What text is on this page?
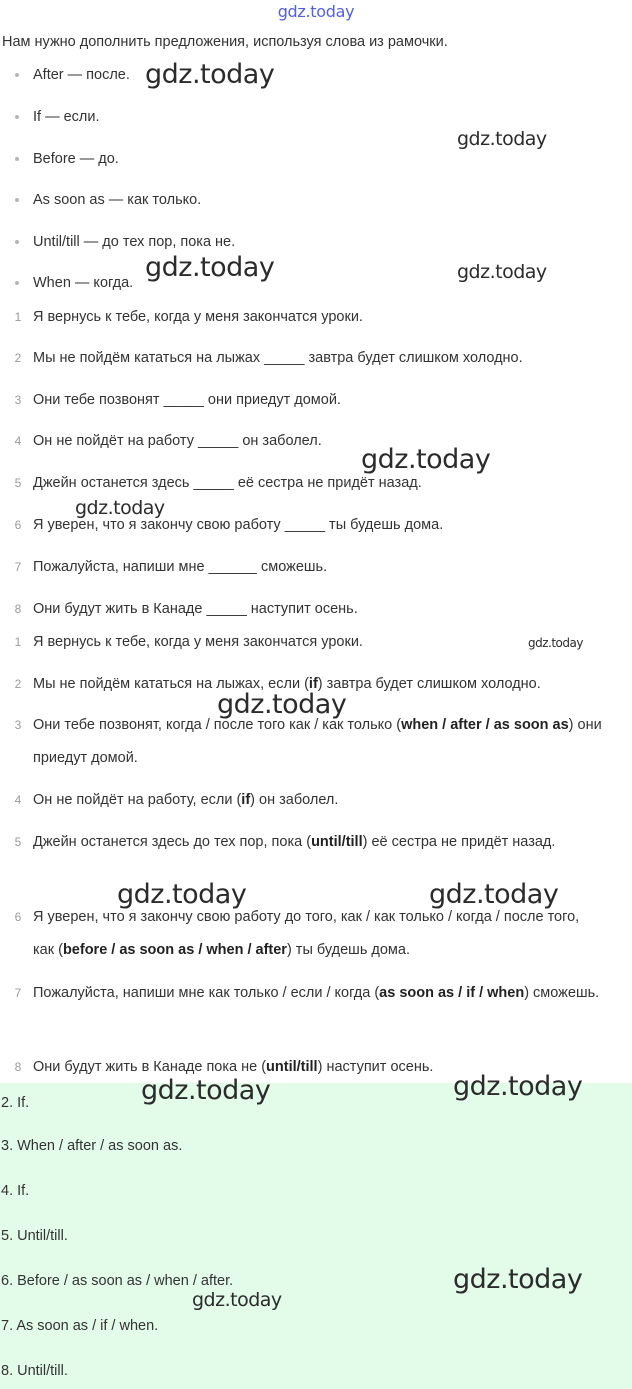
gdz.today
Нам нужно дополнить предложения, используя слова из рамочки.
After — после.
If — если.
Before — до.
As soon as — как только.
Until/till — до тех пор, пока не.
When — когда.
1 Я вернусь к тебе, когда у меня закончатся уроки.
2 Мы не пойдём кататься на лыжах _____ завтра будет слишком холодно.
3 Они тебе позвонят _____ они приедут домой.
4 Он не пойдёт на работу _____ он заболел.
5 Джейн останется здесь _____ её сестра не придёт назад.
6 Я уверен, что я закончу свою работу _____ ты будешь дома.
7 Пожалуйста, напиши мне ______ сможешь.
8 Они будут жить в Канаде _____ наступит осень.
1 Я вернусь к тебе, когда у меня закончатся уроки.
2 Мы не пойдём кататься на лыжах, если (if) завтра будет слишком холодно.
3 Они тебе позвонят, когда / после того как / как только (when / after / as soon as) они приедут домой.
4 Он не пойдёт на работу, если (if) он заболел.
5 Джейн останется здесь до тех пор, пока (until/till) её сестра не придёт назад.
6 Я уверен, что я закончу свою работу до того, как / как только / когда / после того, как (before / as soon as / when / after) ты будешь дома.
7 Пожалуйста, напиши мне как только / если / когда (as soon as / if / when) сможешь.
8 Они будут жить в Канаде пока не (until/till) наступит осень.
2. If.
3. When / after / as soon as.
4. If.
5. Until/till.
6. Before / as soon as / when / after.
7. As soon as / if / when.
8. Until/till.
gdz.today
gdz.today
gdz.today	gdz.today
gdz.today
gdz.today
gdz.today
gdz.today
gdz.today	gdz.today
gdz.today	gdz.today
gdz.today
gdz.today
